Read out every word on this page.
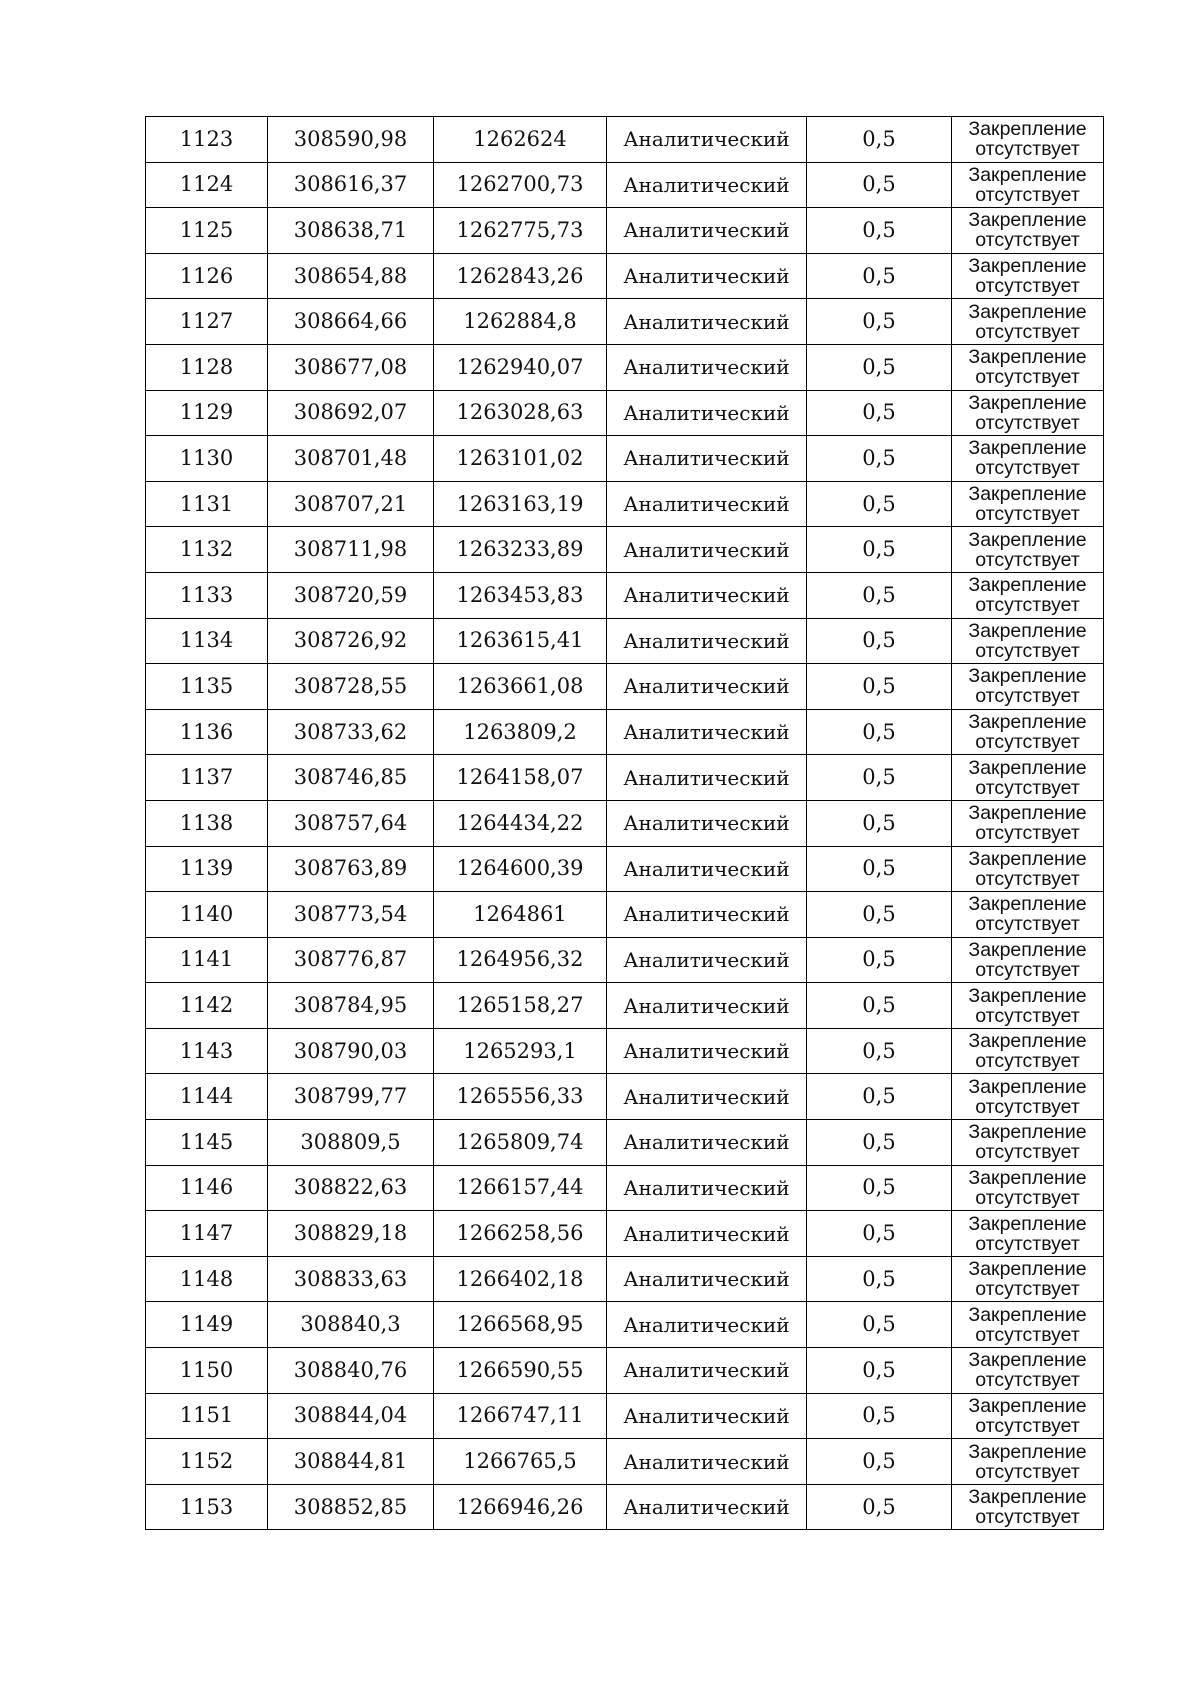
1123	308590,98	1262624	Аналитический	0,5	Закрепление
отсутствует

1124	308616,37	1262700,73	Аналитический	0,5	Закрепление
отсутствует

1125	308638,71	1262775,73	Аналитический	0,5	Закрепление
отсутствует

1126	308654,88	1262843,26	Аналитический	0,5	Закрепление
отсутствует

1127	308664,66	1262884,8	Аналитический	0,5	Закрепление
отсутствует

1128	308677,08	1262940,07	Аналитический	0,5	Закрепление
отсутствует

1129	308692,07	1263028,63	Аналитический	0,5	Закрепление
отсутствует

1130	308701,48	1263101,02	Аналитический	0,5	Закрепление
отсутствует

1131	308707,21	1263163,19	Аналитический	0,5	Закрепление
отсутствует

1132	308711,98	1263233,89	Аналитический	0,5	Закрепление
отсутствует

1133	308720,59	1263453,83	Аналитический	0,5	Закрепление
отсутствует

1134	308726,92	1263615,41	Аналитический	0,5	Закрепление
отсутствует

1135	308728,55	1263661,08	Аналитический	0,5	Закрепление
отсутствует

1136	308733,62	1263809,2	Аналитический	0,5	Закрепление
отсутствует

1137	308746,85	1264158,07	Аналитический	0,5	Закрепление
отсутствует

1138	308757,64	1264434,22	Аналитический	0,5	Закрепление
отсутствует

1139	308763,89	1264600,39	Аналитический	0,5	Закрепление
отсутствует

1140	308773,54	1264861	Аналитический	0,5	Закрепление
отсутствует

1141	308776,87	1264956,32	Аналитический	0,5	Закрепление
отсутствует

1142	308784,95	1265158,27	Аналитический	0,5	Закрепление
отсутствует

1143	308790,03	1265293,1	Аналитический	0,5	Закрепление
отсутствует

1144	308799,77	1265556,33	Аналитический	0,5	Закрепление
отсутствует

1145	308809,5	1265809,74	Аналитический	0,5	Закрепление
отсутствует

1146	308822,63	1266157,44	Аналитический	0,5	Закрепление
отсутствует

1147	308829,18	1266258,56	Аналитический	0,5	Закрепление
отсутствует

1148	308833,63	1266402,18	Аналитический	0,5	Закрепление
отсутствует

1149	308840,3	1266568,95	Аналитический	0,5	Закрепление
отсутствует

1150	308840,76	1266590,55	Аналитический	0,5	Закрепление
отсутствует

1151	308844,04	1266747,11	Аналитический	0,5	Закрепление
отсутствует

1152	308844,81	1266765,5	Аналитический	0,5	Закрепление
отсутствует

1153	308852,85	1266946,26	Аналитический	0,5	Закрепление
отсутствует
